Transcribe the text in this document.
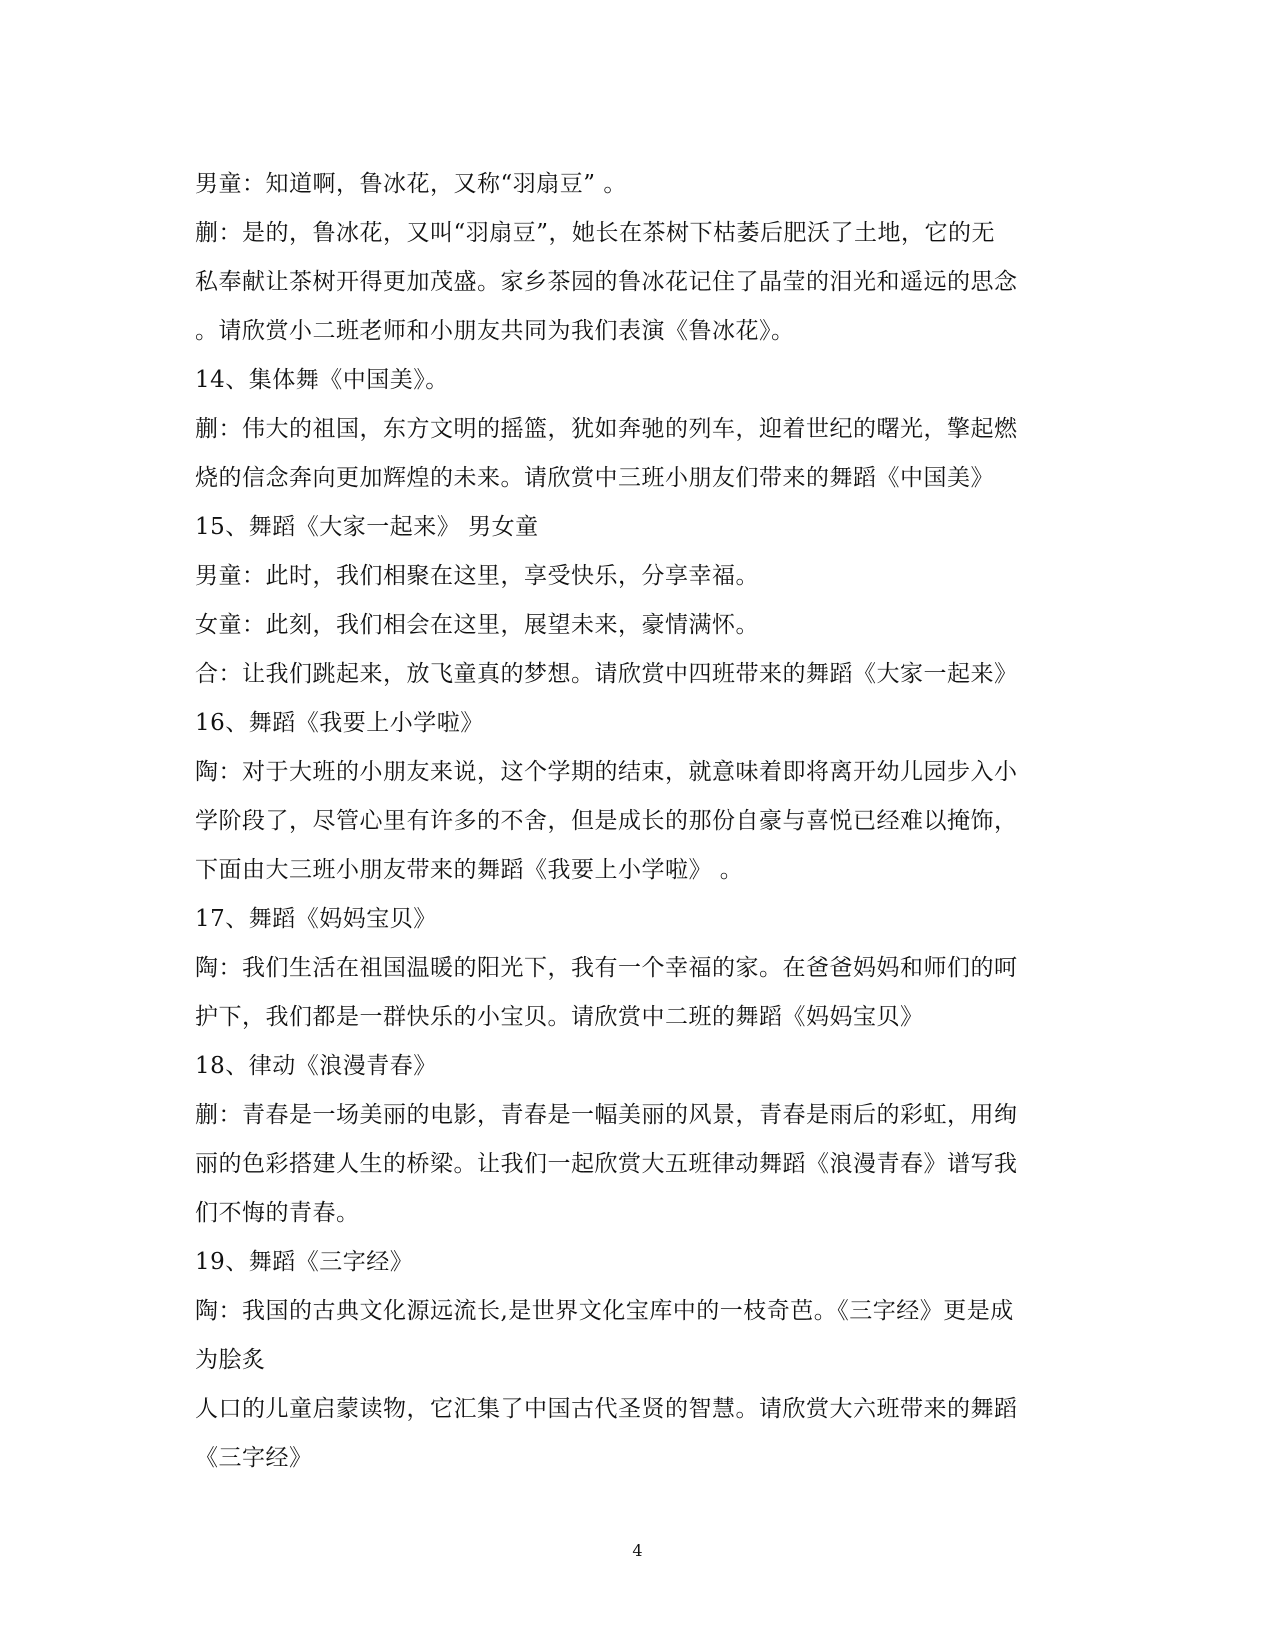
男童：知道啊，鲁冰花，又称“羽扇豆” 。
蒯：是的，鲁冰花，又叫“羽扇豆”，她长在茶树下枯萎后肥沃了土地，它的无
私奉献让茶树开得更加茂盛。家乡茶园的鲁冰花记住了晶莹的泪光和遥远的思念
。请欣赏小二班老师和小朋友共同为我们表演《鲁冰花》。
14、集体舞《中国美》。
蒯：伟大的祖国，东方文明的摇篮，犹如奔驰的列车，迎着世纪的曙光，擎起燃
烧的信念奔向更加辉煌的未来。请欣赏中三班小朋友们带来的舞蹈《中国美》
15、舞蹈《大家一起来》 男女童
男童：此时，我们相聚在这里，享受快乐，分享幸福。
女童：此刻，我们相会在这里，展望未来，豪情满怀。
合：让我们跳起来，放飞童真的梦想。请欣赏中四班带来的舞蹈《大家一起来》
16、舞蹈《我要上小学啦》
陶：对于大班的小朋友来说，这个学期的结束，就意味着即将离开幼儿园步入小
学阶段了，尽管心里有许多的不舍，但是成长的那份自豪与喜悦已经难以掩饰，
下面由大三班小朋友带来的舞蹈《我要上小学啦》 。
17、舞蹈《妈妈宝贝》
陶：我们生活在祖国温暖的阳光下，我有一个幸福的家。在爸爸妈妈和师们的呵
护下，我们都是一群快乐的小宝贝。请欣赏中二班的舞蹈《妈妈宝贝》
18、律动《浪漫青春》
蒯：青春是一场美丽的电影，青春是一幅美丽的风景，青春是雨后的彩虹，用绚
丽的色彩搭建人生的桥梁。让我们一起欣赏大五班律动舞蹈《浪漫青春》谱写我
们不悔的青春。
19、舞蹈《三字经》
陶：我国的古典文化源远流长,是世界文化宝库中的一枝奇芭。《三字经》更是成
为脍炙
人口的儿童启蒙读物，它汇集了中国古代圣贤的智慧。请欣赏大六班带来的舞蹈
《三字经》
4
